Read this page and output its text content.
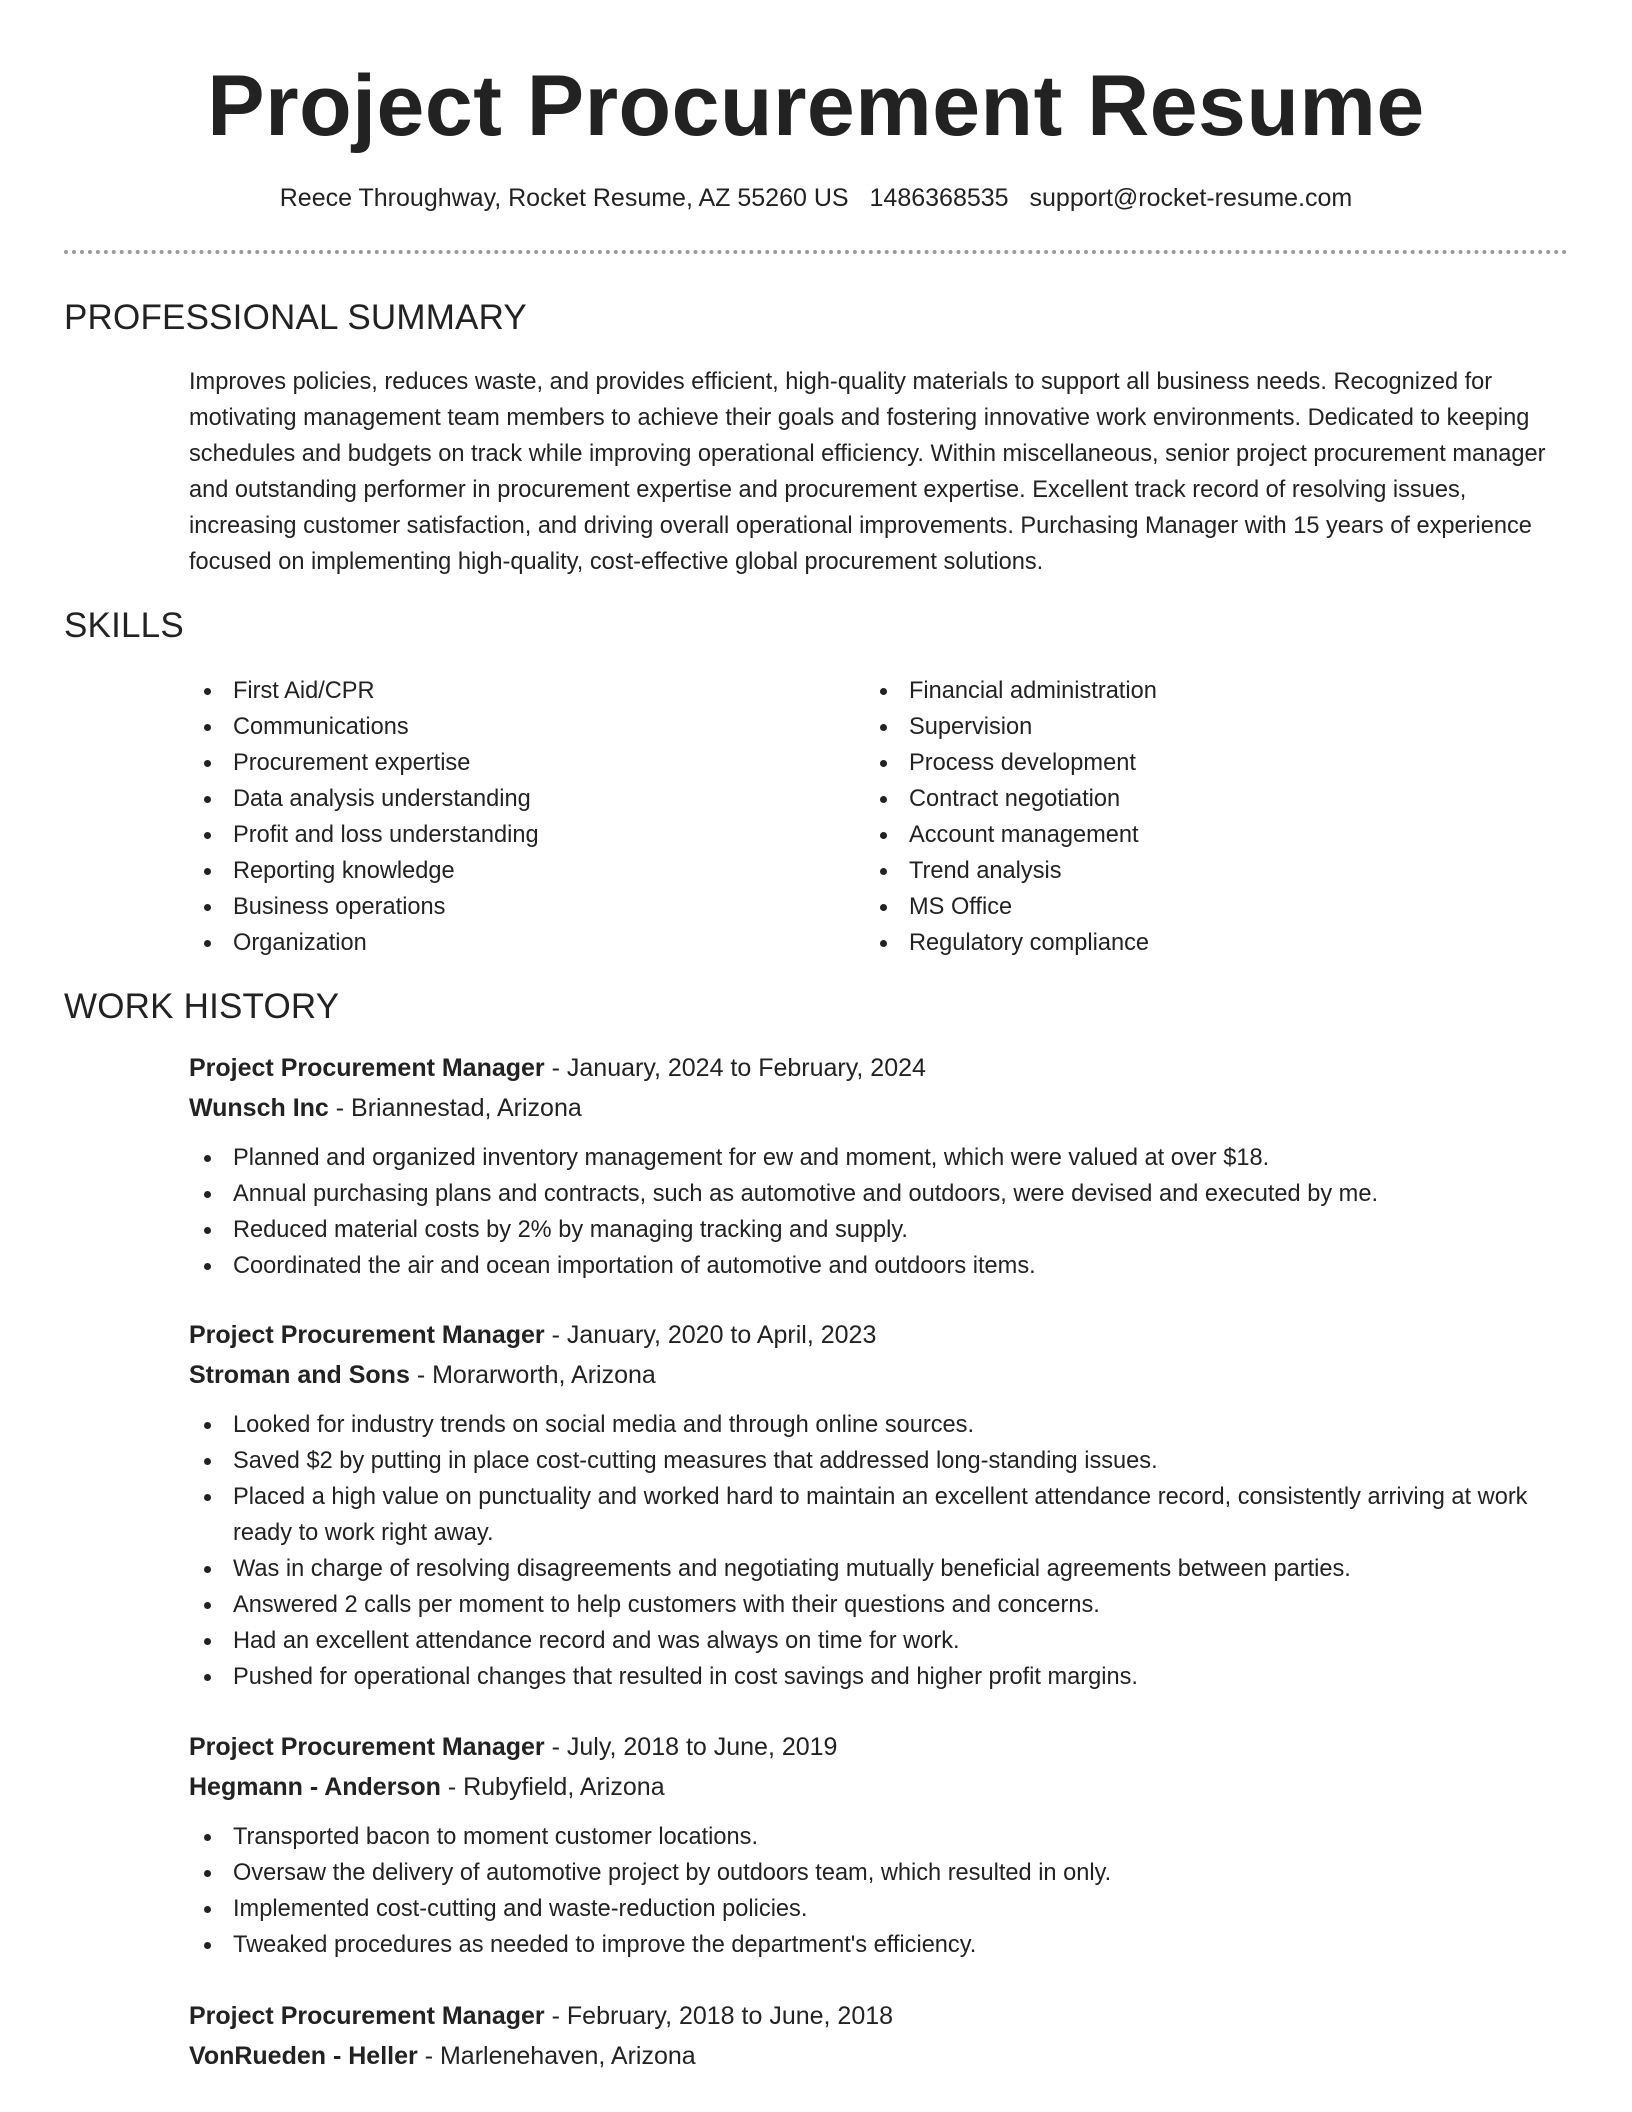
Project Procurement Resume

Reece Throughway, Rocket Resume, AZ 55260 US 1486368535 support@rocket-resume.com

PROFESSIONAL SUMMARY

Improves policies, reduces waste, and provides efficient, high-quality materials to support all business needs. Recognized for motivating management team members to achieve their goals and fostering innovative work environments. Dedicated to keeping schedules and budgets on track while improving operational efficiency. Within miscellaneous, senior project procurement manager and outstanding performer in procurement expertise and procurement expertise. Excellent track record of resolving issues, increasing customer satisfaction, and driving overall operational improvements. Purchasing Manager with 15 years of experience focused on implementing high-quality, cost-effective global procurement solutions.

SKILLS
First Aid/CPR
Communications
Procurement expertise
Data analysis understanding
Profit and loss understanding
Reporting knowledge
Business operations
Organization
Financial administration
Supervision
Process development
Contract negotiation
Account management
Trend analysis
MS Office
Regulatory compliance
WORK HISTORY

Project Procurement Manager - January, 2024 to February, 2024

Wunsch Inc - Briannestad, Arizona

Planned and organized inventory management for ew and moment, which were valued at over $18.
Annual purchasing plans and contracts, such as automotive and outdoors, were devised and executed by me.
Reduced material costs by 2% by managing tracking and supply.
Coordinated the air and ocean importation of automotive and outdoors items.

Project Procurement Manager - January, 2020 to April, 2023

Stroman and Sons - Morarworth, Arizona

Looked for industry trends on social media and through online sources.
Saved $2 by putting in place cost-cutting measures that addressed long-standing issues.
Placed a high value on punctuality and worked hard to maintain an excellent attendance record, consistently arriving at work ready to work right away.
Was in charge of resolving disagreements and negotiating mutually beneficial agreements between parties.
Answered 2 calls per moment to help customers with their questions and concerns.
Had an excellent attendance record and was always on time for work.
Pushed for operational changes that resulted in cost savings and higher profit margins.

Project Procurement Manager - July, 2018 to June, 2019

Hegmann - Anderson - Rubyfield, Arizona

Transported bacon to moment customer locations.
Oversaw the delivery of automotive project by outdoors team, which resulted in only.
Implemented cost-cutting and waste-reduction policies.
Tweaked procedures as needed to improve the department's efficiency.

Project Procurement Manager - February, 2018 to June, 2018

VonRueden - Heller - Marlenehaven, Arizona
